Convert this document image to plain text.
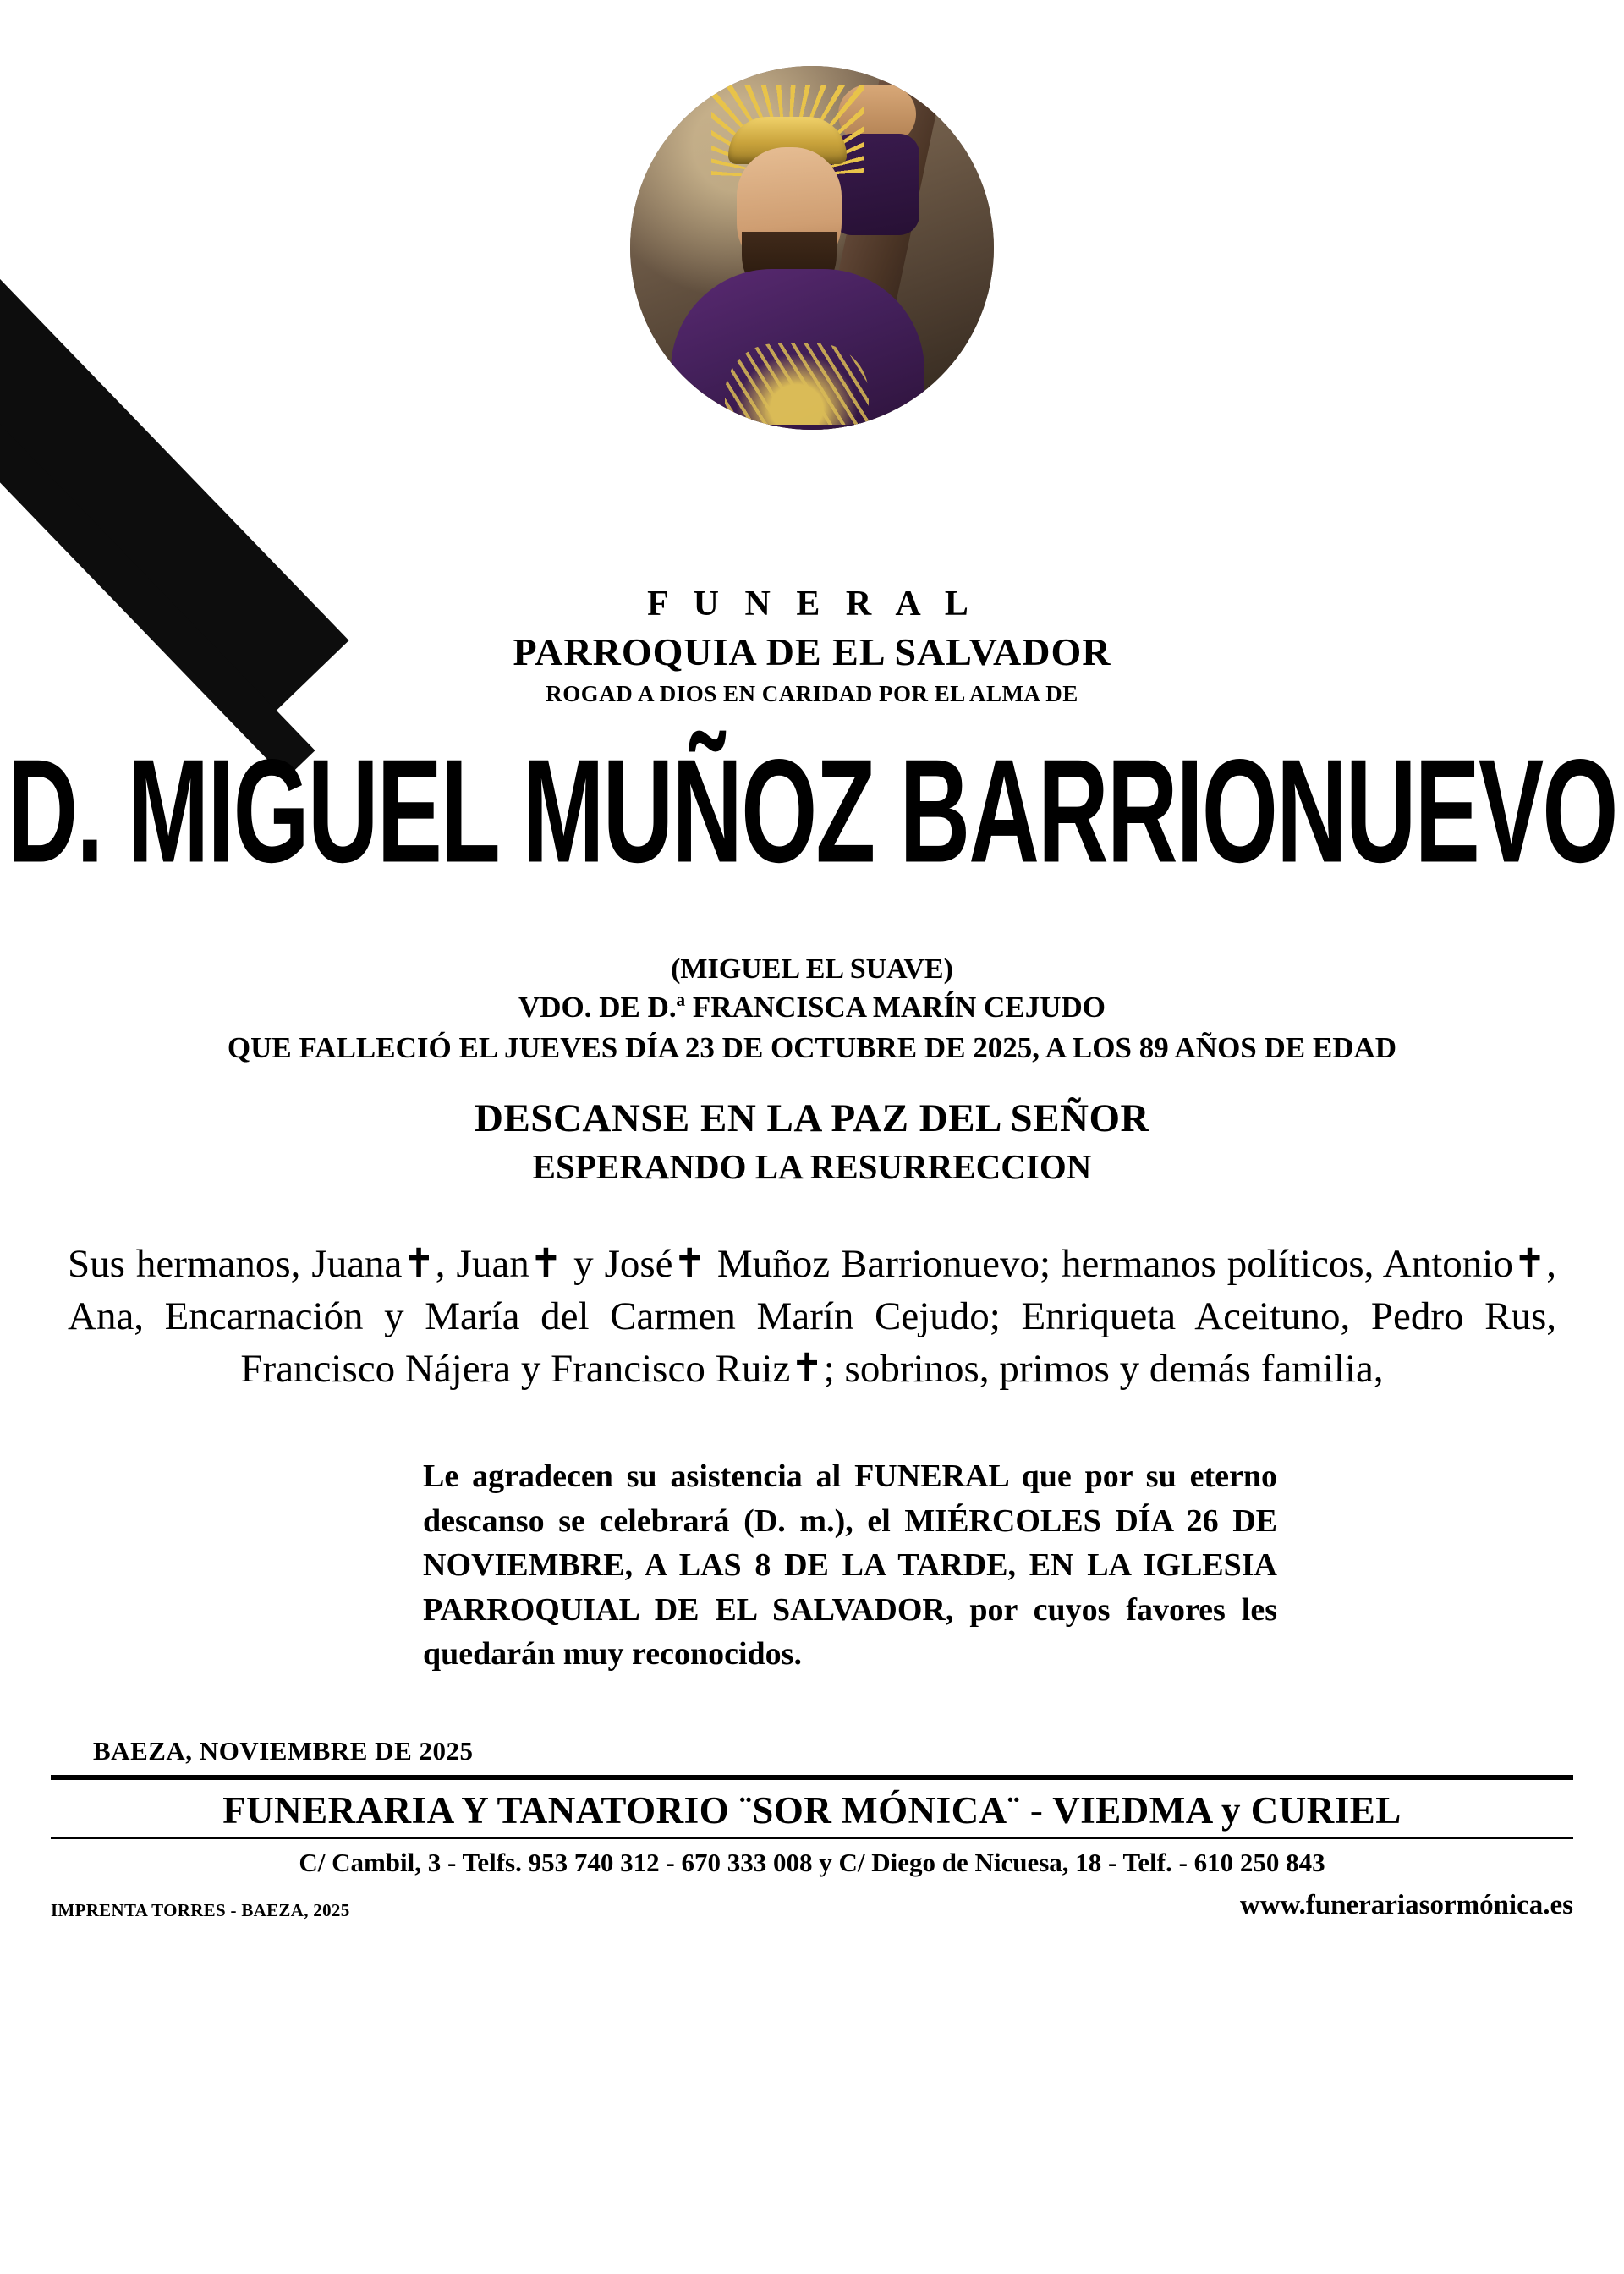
F U N E R A L
PARROQUIA DE EL SALVADOR
ROGAD A DIOS EN CARIDAD POR EL ALMA DE
D. MIGUEL MUÑOZ BARRIONUEVO
(MIGUEL EL SUAVE)
VDO. DE D.ª FRANCISCA MARÍN CEJUDO
QUE FALLECIÓ EL JUEVES DÍA 23 DE OCTUBRE DE 2025, A LOS 89 AÑOS DE EDAD
DESCANSE EN LA PAZ DEL SEÑOR
ESPERANDO LA RESURRECCION
Sus hermanos, Juana✝, Juan✝ y José✝ Muñoz Barrionuevo; hermanos políticos, Antonio✝, Ana, Encarnación y María del Carmen Marín Cejudo; Enriqueta Aceituno, Pedro Rus, Francisco Nájera y Francisco Ruiz✝; sobrinos, primos y demás familia,
Le agradecen su asistencia al FUNERAL que por su eterno descanso se celebrará (D. m.), el MIÉRCOLES DÍA 26 DE NOVIEMBRE, A LAS 8 DE LA TARDE, EN LA IGLESIA PARROQUIAL DE EL SALVADOR, por cuyos favores les quedarán muy reconocidos.
BAEZA, NOVIEMBRE DE 2025
FUNERARIA Y TANATORIO ¨SOR MÓNICA¨ - VIEDMA y CURIEL
C/ Cambil, 3 - Telfs. 953 740 312 - 670 333 008 y C/ Diego de Nicuesa, 18 - Telf. - 610 250 843
IMPRENTA TORRES - BAEZA, 2025	www.funerariasormónica.es
